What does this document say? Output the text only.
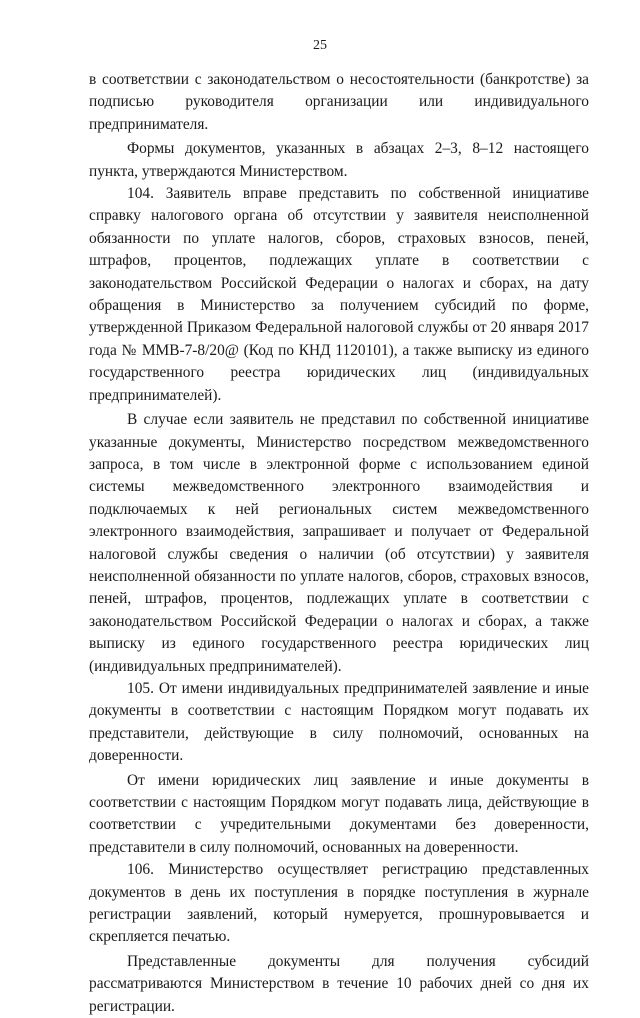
25

в соответствии с законодательством о несостоятельности (банкротстве) за подписью руководителя организации или индивидуального предпринимателя.

Формы документов, указанных в абзацах 2–3, 8–12 настоящего пункта, утверждаются Министерством.

104. Заявитель вправе представить по собственной инициативе справку налогового органа об отсутствии у заявителя неисполненной обязанности по уплате налогов, сборов, страховых взносов, пеней, штрафов, процентов, подлежащих уплате в соответствии с законодательством Российской Федерации о налогах и сборах, на дату обращения в Министерство за получением субсидий по форме, утвержденной Приказом Федеральной налоговой службы от 20 января 2017 года № ММВ-7-8/20@ (Код по КНД 1120101), а также выписку из единого государственного реестра юридических лиц (индивидуальных предпринимателей).

В случае если заявитель не представил по собственной инициативе указанные документы, Министерство посредством межведомственного запроса, в том числе в электронной форме с использованием единой системы межведомственного электронного взаимодействия и подключаемых к ней региональных систем межведомственного электронного взаимодействия, запрашивает и получает от Федеральной налоговой службы сведения о наличии (об отсутствии) у заявителя неисполненной обязанности по уплате налогов, сборов, страховых взносов, пеней, штрафов, процентов, подлежащих уплате в соответствии с законодательством Российской Федерации о налогах и сборах, а также выписку из единого государственного реестра юридических лиц (индивидуальных предпринимателей).

105. От имени индивидуальных предпринимателей заявление и иные документы в соответствии с настоящим Порядком могут подавать их представители, действующие в силу полномочий, основанных на доверенности.

От имени юридических лиц заявление и иные документы в соответствии с настоящим Порядком могут подавать лица, действующие в соответствии с учредительными документами без доверенности, представители в силу полномочий, основанных на доверенности.

106. Министерство осуществляет регистрацию представленных документов в день их поступления в порядке поступления в журнале регистрации заявлений, который нумеруется, прошнуровывается и скрепляется печатью.

Представленные документы для получения субсидий рассматриваются Министерством в течение 10 рабочих дней со дня их регистрации.
